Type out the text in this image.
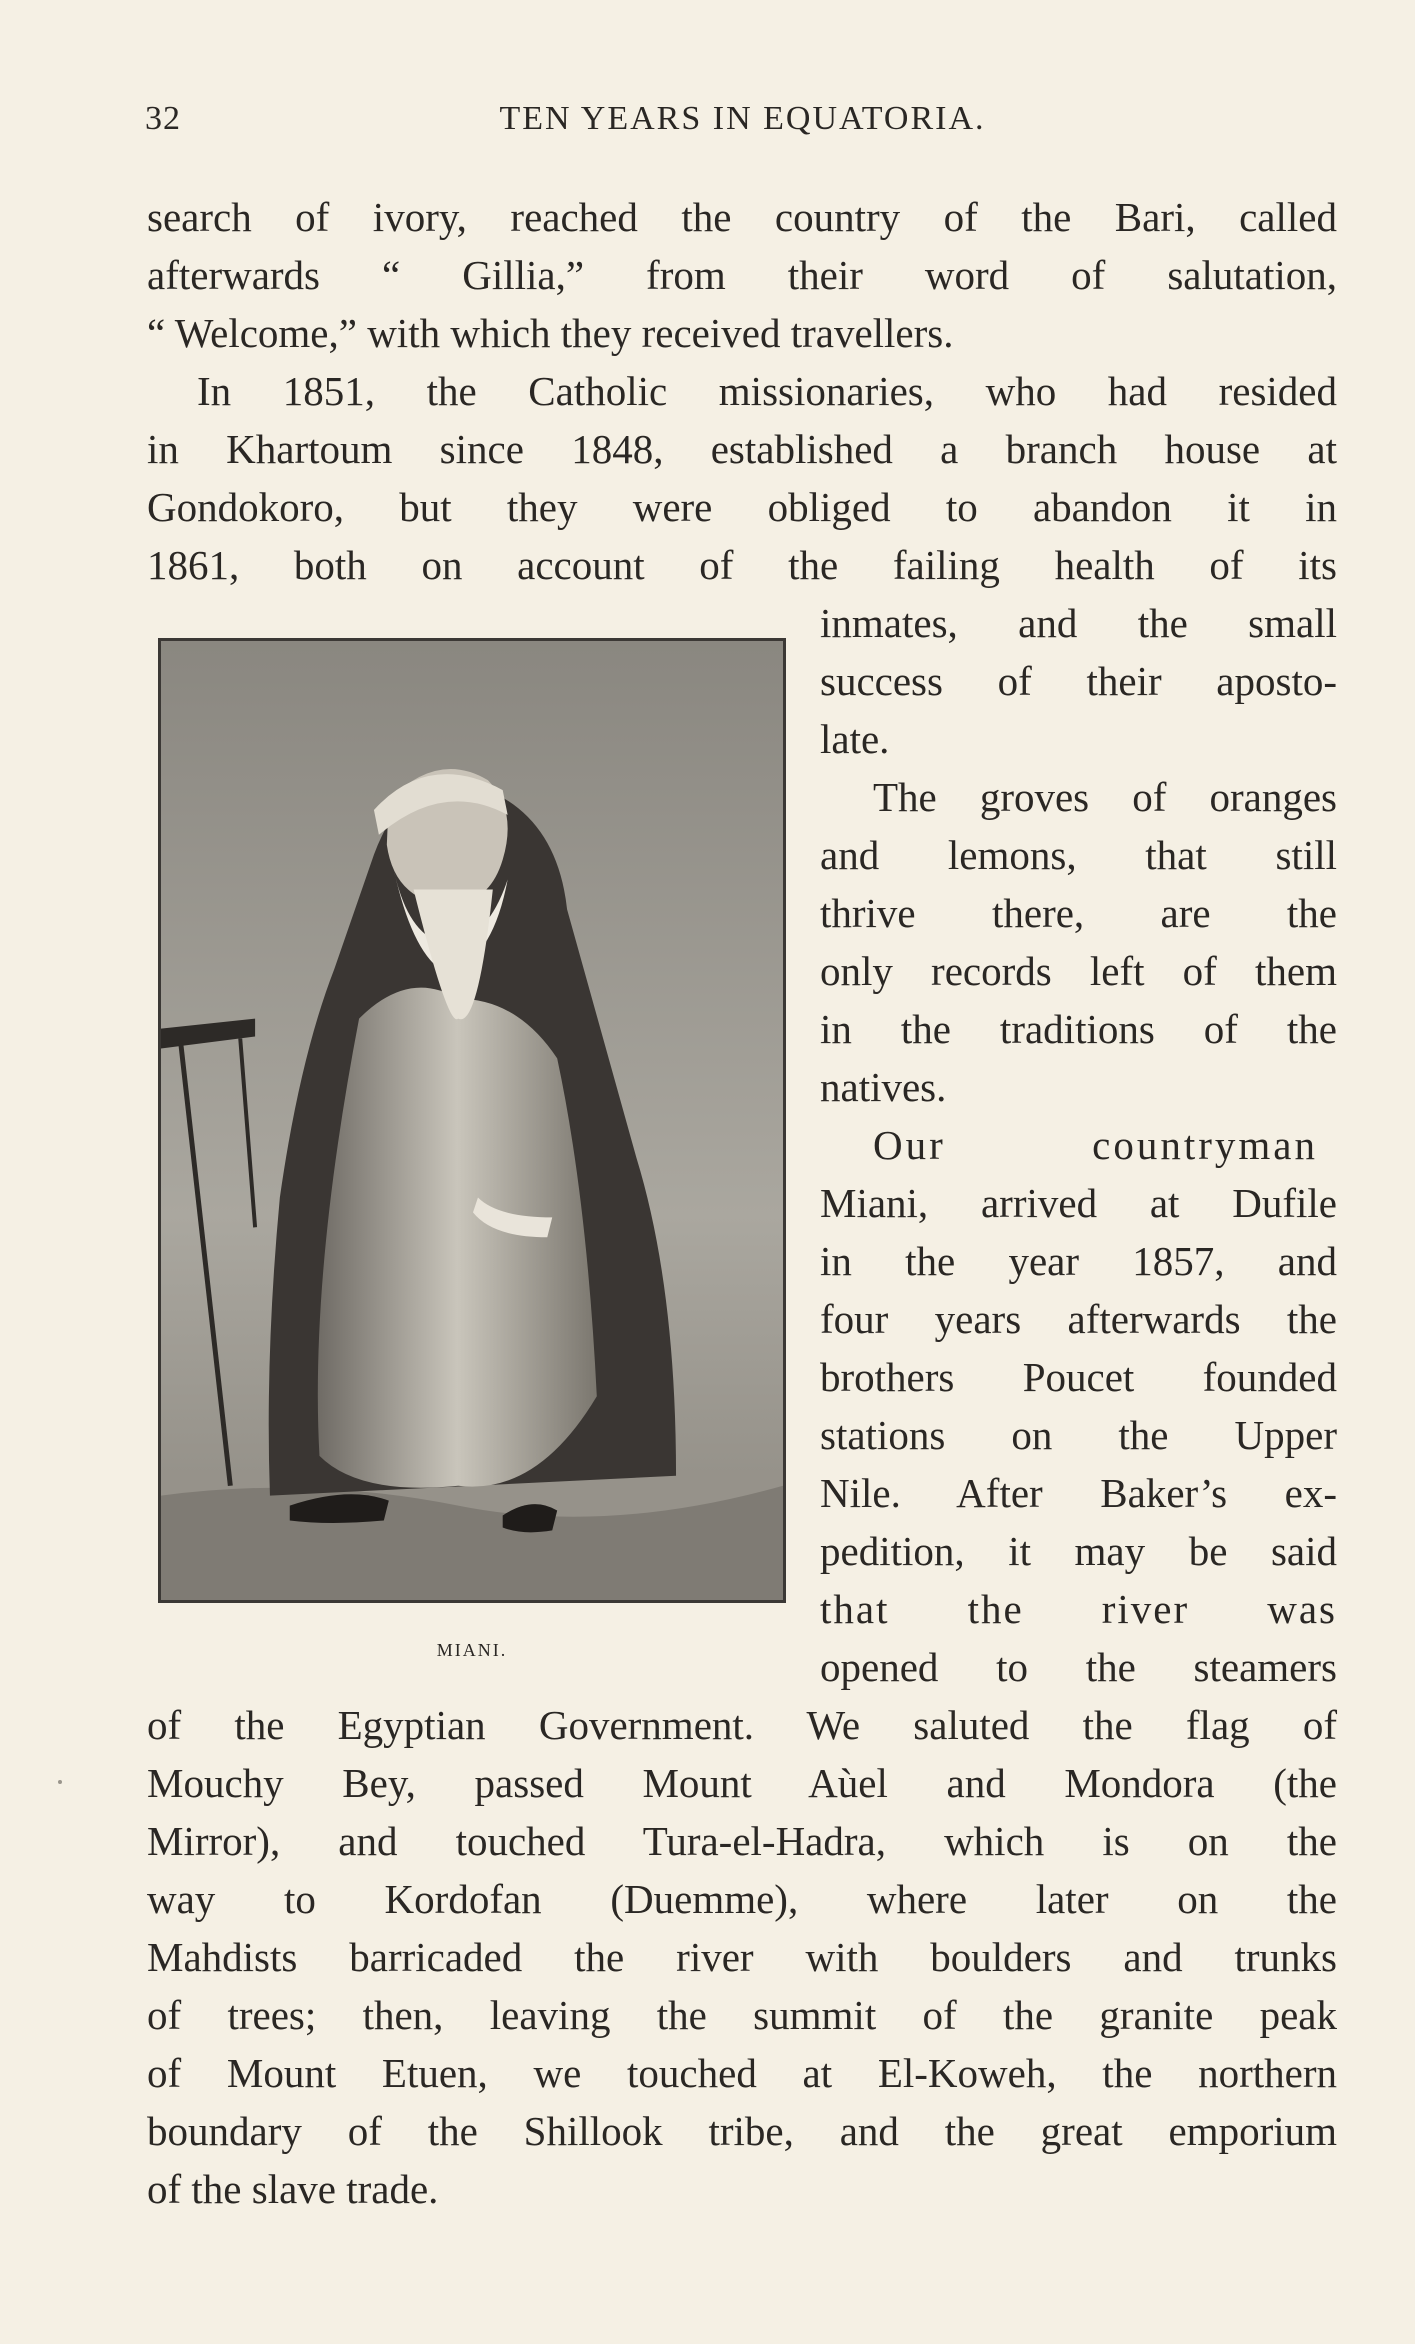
32	TEN YEARS IN EQUATORIA.
search of ivory, reached the country of the Bari, called
afterwards “ Gillia,” from their word of salutation,
“ Welcome,” with which they received travellers.
In 1851, the Catholic missionaries, who had resided
in Khartoum since 1848, established a branch house at
Gondokoro, but they were obliged to abandon it in
1861, both on account of the failing health of its
inmates, and the small
success of their aposto-
late.
The groves of oranges
and lemons, that still
thrive there, are the
only records left of them
in the traditions of the
natives.
Our countryman
Miani, arrived at Dufile
in the year 1857, and
four years afterwards the
brothers Poucet founded
stations on the Upper
Nile. After Baker’s ex-
pedition, it may be said
that the river was
opened to the steamers
of the Egyptian Government. We saluted the flag of
Mouchy Bey, passed Mount Aùel and Mondora (the
Mirror), and touched Tura-el-Hadra, which is on the
way to Kordofan (Duemme), where later on the
Mahdists barricaded the river with boulders and trunks
of trees; then, leaving the summit of the granite peak
of Mount Etuen, we touched at El-Koweh, the northern
boundary of the Shillook tribe, and the great emporium
of the slave trade.
MIANI.
